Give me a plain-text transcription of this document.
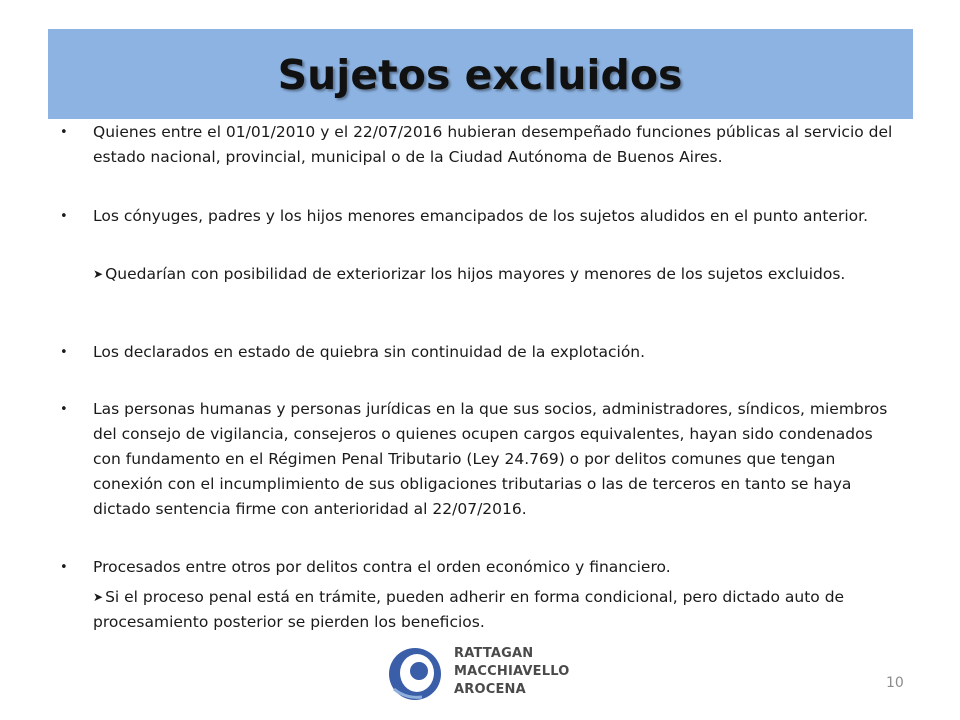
Sujetos excluidos
• Quienes entre el 01/01/2010 y el 22/07/2016 hubieran desempeñado funciones públicas al servicio del estado nacional, provincial, municipal o de la Ciudad Autónoma de Buenos Aires.

• Los cónyuges, padres y los hijos menores emancipados de los sujetos aludidos en el punto anterior.

➤ Quedarían con posibilidad de exteriorizar los hijos mayores y menores de los sujetos excluidos.

• Los declarados en estado de quiebra sin continuidad de la explotación.

• Las personas humanas y personas jurídicas en la que sus socios, administradores, síndicos, miembros del consejo de vigilancia, consejeros o quienes ocupen cargos equivalentes, hayan sido condenados con fundamento en el Régimen Penal Tributario (Ley 24.769) o por delitos comunes que tengan conexión con el incumplimiento de sus obligaciones tributarias o las de terceros en tanto se haya dictado sentencia firme con anterioridad al 22/07/2016.

• Procesados entre otros por delitos contra el orden económico y financiero.

➤ Si el proceso penal está en trámite, pueden adherir en forma condicional, pero dictado auto de procesamiento posterior se pierden los beneficios.

RATTAGAN
MACCHIAVELLO
AROCENA	10
